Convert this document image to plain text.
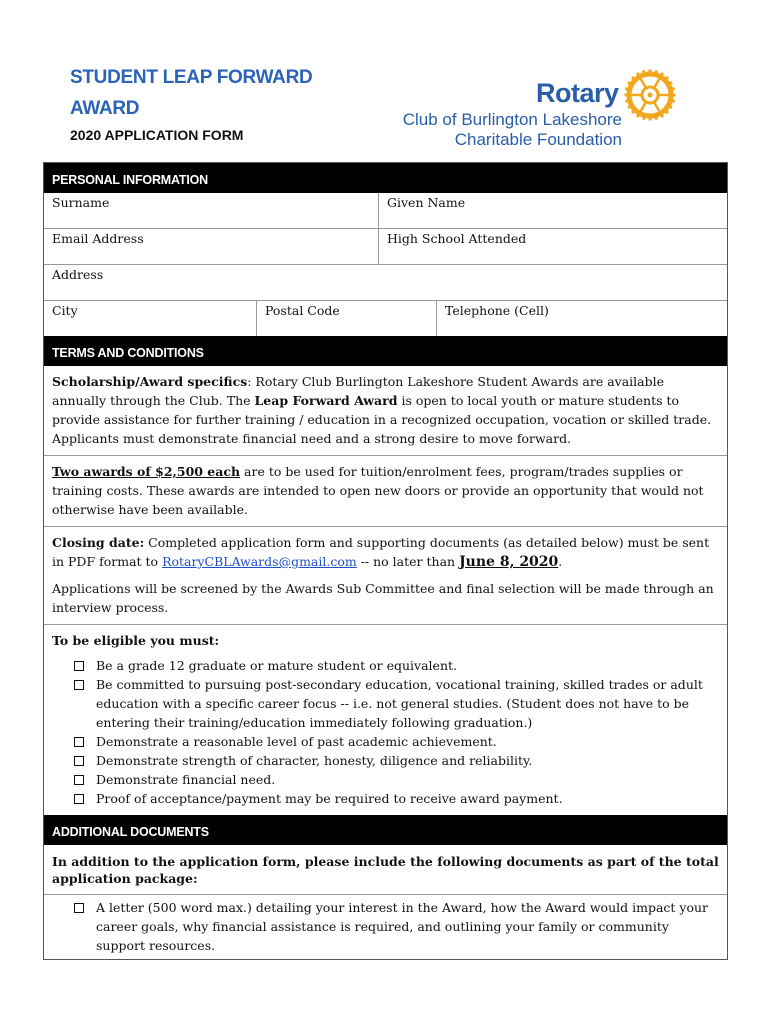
STUDENT LEAP FORWARD
AWARD
2020 APPLICATION FORM
Rotary
Club of Burlington Lakeshore
Charitable Foundation
PERSONAL INFORMATION
Surname	Given Name
Email Address	High School Attended
Address
City	Postal Code	Telephone (Cell)
TERMS AND CONDITIONS

Scholarship/Award specifics: Rotary Club Burlington Lakeshore Student Awards are available annually through the Club. The Leap Forward Award is open to local youth or mature students to provide assistance for further training / education in a recognized occupation, vocation or skilled trade. Applicants must demonstrate financial need and a strong desire to move forward.

Two awards of $2,500 each are to be used for tuition/enrolment fees, program/trades supplies or training costs. These awards are intended to open new doors or provide an opportunity that would not otherwise have been available.

Closing date: Completed application form and supporting documents (as detailed below) must be sent in PDF format to RotaryCBLAwards@gmail.com -- no later than June 8, 2020.

Applications will be screened by the Awards Sub Committee and final selection will be made through an interview process.

To be eligible you must:

Be a grade 12 graduate or mature student or equivalent.
Be committed to pursuing post-secondary education, vocational training, skilled trades or adult education with a specific career focus -- i.e. not general studies. (Student does not have to be entering their training/education immediately following graduation.)
Demonstrate a reasonable level of past academic achievement.
Demonstrate strength of character, honesty, diligence and reliability.
Demonstrate financial need.
Proof of acceptance/payment may be required to receive award payment.
ADDITIONAL DOCUMENTS

In addition to the application form, please include the following documents as part of the total application package:

A letter (500 word max.) detailing your interest in the Award, how the Award would impact your career goals, why financial assistance is required, and outlining your family or community support resources.
